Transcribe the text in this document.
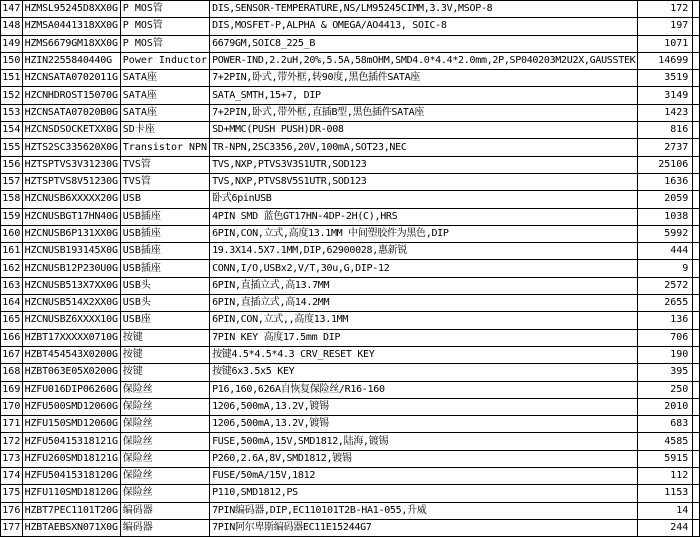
147	HZMSL95245D8XX0G	P MOS管	DIS,SENSOR-TEMPERATURE,NS/LM95245CIMM,3.3V,MSOP-8	172	
148	HZMSA0441318XX0G	P MOS管	DIS,MOSFET-P,ALPHA & OMEGA/AO4413, SOIC-8	197	
149	HZMS6679GM18XX0G	P MOS管	6679GM,SOIC8_225_B	1071	
150	HZIN2255840440G	Power Inductor	POWER-IND,2.2uH,20%,5.5A,58mOHM,SMD4.0*4.4*2.0mm,2P,SP040203M2U2X,GAUSSTEK	14699	
151	HZCNSATA0702011G	SATA座	7+2PIN,卧式,带外框,转90度,黑色插件SATA座	3519	
152	HZCNHDROST15070G	SATA座	SATA_SMTH,15+7, DIP	3149	
153	HZCNSATA07020B0G	SATA座	7+2PIN,卧式,带外框,直插B型,黑色插件SATA座	1423	
154	HZCNSDSOCKETXX0G	SD卡座	SD+MMC(PUSH PUSH)DR-008	816	
155	HZTS2SC335620X0G	Transistor NPN	TR-NPN,2SC3356,20V,100mA,SOT23,NEC	2737	
156	HZTSPTVS3V31230G	TVS管	TVS,NXP,PTVS3V3S1UTR,SOD123	25106	
157	HZTSPTVS8V51230G	TVS管	TVS,NXP,PTVS8V5S1UTR,SOD123	1636	
158	HZCNUSB6XXXXX20G	USB	卧式6pinUSB	2059	
159	HZCNUSBGT17HN40G	USB插座	4PIN SMD 蓝色GT17HN-4DP-2H(C),HRS	1038	
160	HZCNUSB6P131XX0G	USB插座	6PIN,CON,立式,高度13.1MM 中间塑胶件为黑色,DIP	5992	
161	HZCNUSB193145X0G	USB插座	19.3X14.5X7.1MM,DIP,62900028,惠新锐	444	
162	HZCNUSB12P230U0G	USB插座	CONN,I/O,USBx2,V/T,30u,G,DIP-12	9	
163	HZCNUSB513X7XX0G	USB头	6PIN,直插立式,高13.7MM	2572	
164	HZCNUSB514X2XX0G	USB头	6PIN,直插立式,高14.2MM	2655	
165	HZCNUSBZ6XXXX10G	USB座	6PIN,CON,立式,,高度13.1MM	136	
166	HZBT17XXXXX0710G	按键	7PIN KEY 高度17.5mm DIP	706	
167	HZBT454543X0200G	按键	按键4.5*4.5*4.3 CRV_RESET KEY	190	
168	HZBT063E05X0200G	按键	按键6x3.5x5 KEY	395	
169	HZFU016DIP06260G	保险丝	P16,160,626A自恢复保险丝/R16-160	250	
170	HZFU500SMD12060G	保险丝	1206,500mA,13.2V,镀锡	2010	
171	HZFU150SMD12060G	保险丝	1206,500mA,13.2V,镀锡	683	
172	HZFU50415318121G	保险丝	FUSE,500mA,15V,SMD1812,陆海,镀锡	4585	
173	HZFU260SMD18121G	保险丝	P260,2.6A,8V,SMD1812,镀锡	5915	
174	HZFU50415318120G	保险丝	FUSE/50mA/15V,1812	112	
175	HZFU110SMD18120G	保险丝	P110,SMD1812,PS	1153	
176	HZBT7PEC1101T20G	编码器	7PIN编码器,DIP,EC110101T2B-HA1-055,升威	14	
177	HZBTAEBSXN071X0G	编码器	7PIN阿尔卑斯编码器EC11E15244G7	244	
